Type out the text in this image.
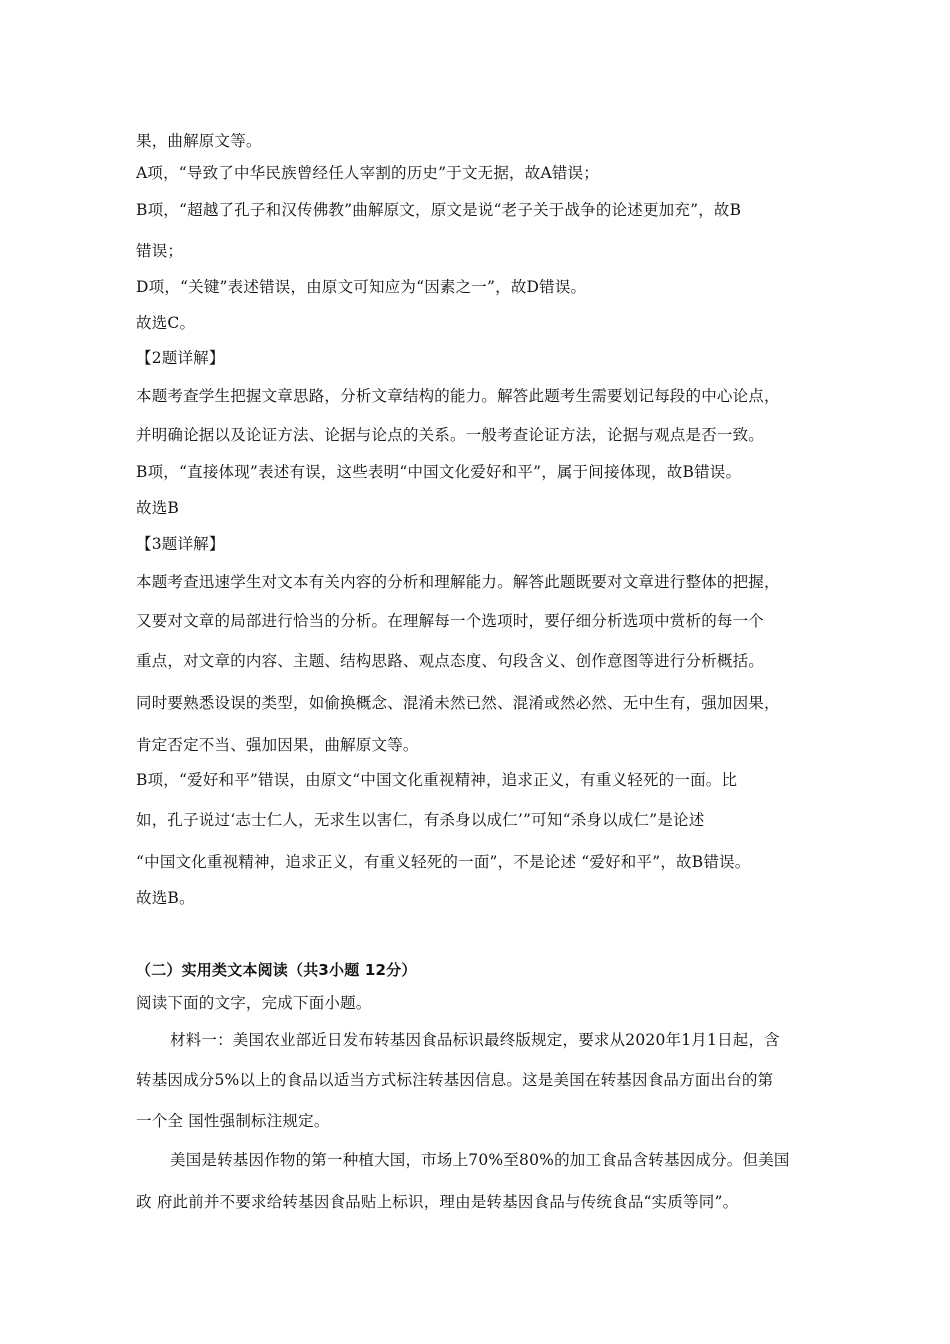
果，曲解原文等。
A项，“导致了中华民族曾经任人宰割的历史”于文无据，故A错误；
B项，“超越了孔子和汉传佛教”曲解原文，原文是说“老子关于战争的论述更加充”，故B
错误；
D项，“关键”表述错误，由原文可知应为“因素之一”，故D错误。
故选C。
【2题详解】
本题考查学生把握文章思路，分析文章结构的能力。解答此题考生需要划记每段的中心论点，
并明确论据以及论证方法、论据与论点的关系。一般考查论证方法，论据与观点是否一致。
B项，“直接体现”表述有误，这些表明“中国文化爱好和平”，属于间接体现，故B错误。
故选B
【3题详解】
本题考查迅速学生对文本有关内容的分析和理解能力。解答此题既要对文章进行整体的把握，
又要对文章的局部进行恰当的分析。在理解每一个选项时，要仔细分析选项中赏析的每一个
重点，对文章的内容、主题、结构思路、观点态度、句段含义、创作意图等进行分析概括。
同时要熟悉设误的类型，如偷换概念、混淆未然已然、混淆或然必然、无中生有，强加因果，
肯定否定不当、强加因果，曲解原文等。
B项，“爱好和平”错误，由原文“中国文化重视精神，追求正义，有重义轻死的一面。比
如，孔子说过‘志士仁人，无求生以害仁，有杀身以成仁’”可知“杀身以成仁”是论述
“中国文化重视精神，追求正义，有重义轻死的一面”，不是论述 “爱好和平”，故B错误。
故选B。
（二）实用类文本阅读（共3小题 12分）
阅读下面的文字，完成下面小题。
材料一：美国农业部近日发布转基因食品标识最终版规定，要求从2020年1月1日起，含
转基因成分5%以上的食品以适当方式标注转基因信息。这是美国在转基因食品方面出台的第
一个全 国性强制标注规定。
美国是转基因作物的第一种植大国，市场上70%至80%的加工食品含转基因成分。但美国
政 府此前并不要求给转基因食品贴上标识，理由是转基因食品与传统食品“实质等同”。
